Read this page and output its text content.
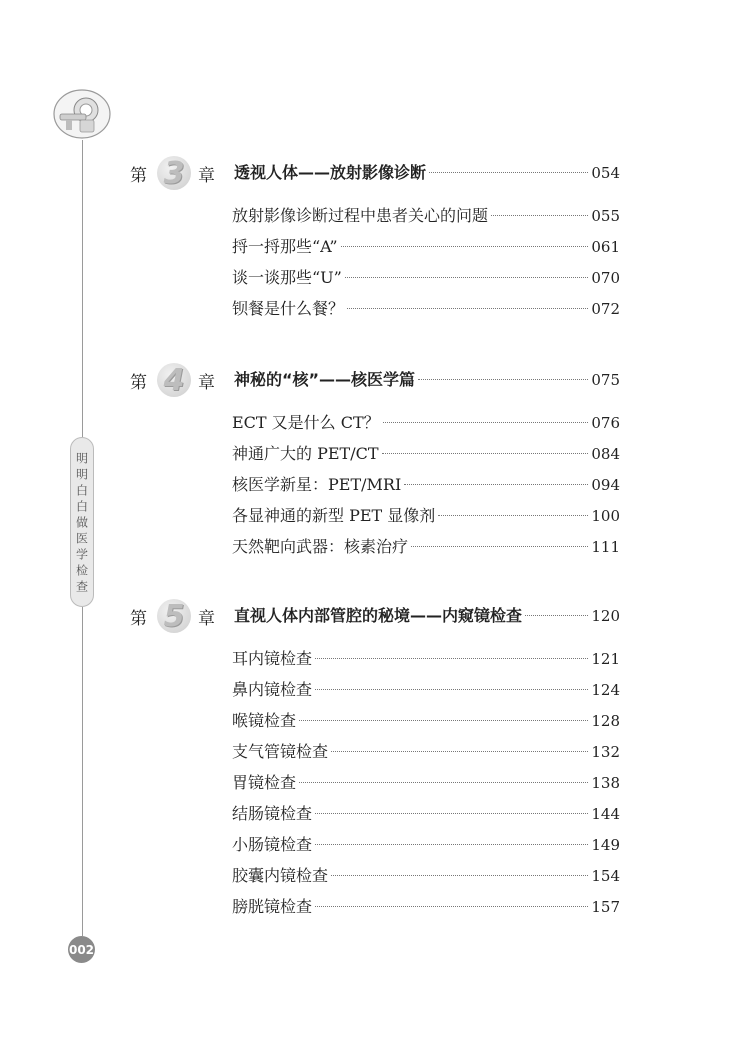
明明白白做医学检查
002
第 3 章	透视人体——放射影像诊断	054
放射影像诊断过程中患者关心的问题	055
捋一捋那些“A”	061
谈一谈那些“U”	070
钡餐是什么餐？	072
第 4 章	神秘的“核”——核医学篇	075
ECT 又是什么 CT？	076
神通广大的 PET/CT	084
核医学新星：PET/MRI	094
各显神通的新型 PET 显像剂	100
天然靶向武器：核素治疗	111
第 5 章	直视人体内部管腔的秘境——内窥镜检查	120
耳内镜检查	121
鼻内镜检查	124
喉镜检查	128
支气管镜检查	132
胃镜检查	138
结肠镜检查	144
小肠镜检查	149
胶囊内镜检查	154
膀胱镜检查	157
